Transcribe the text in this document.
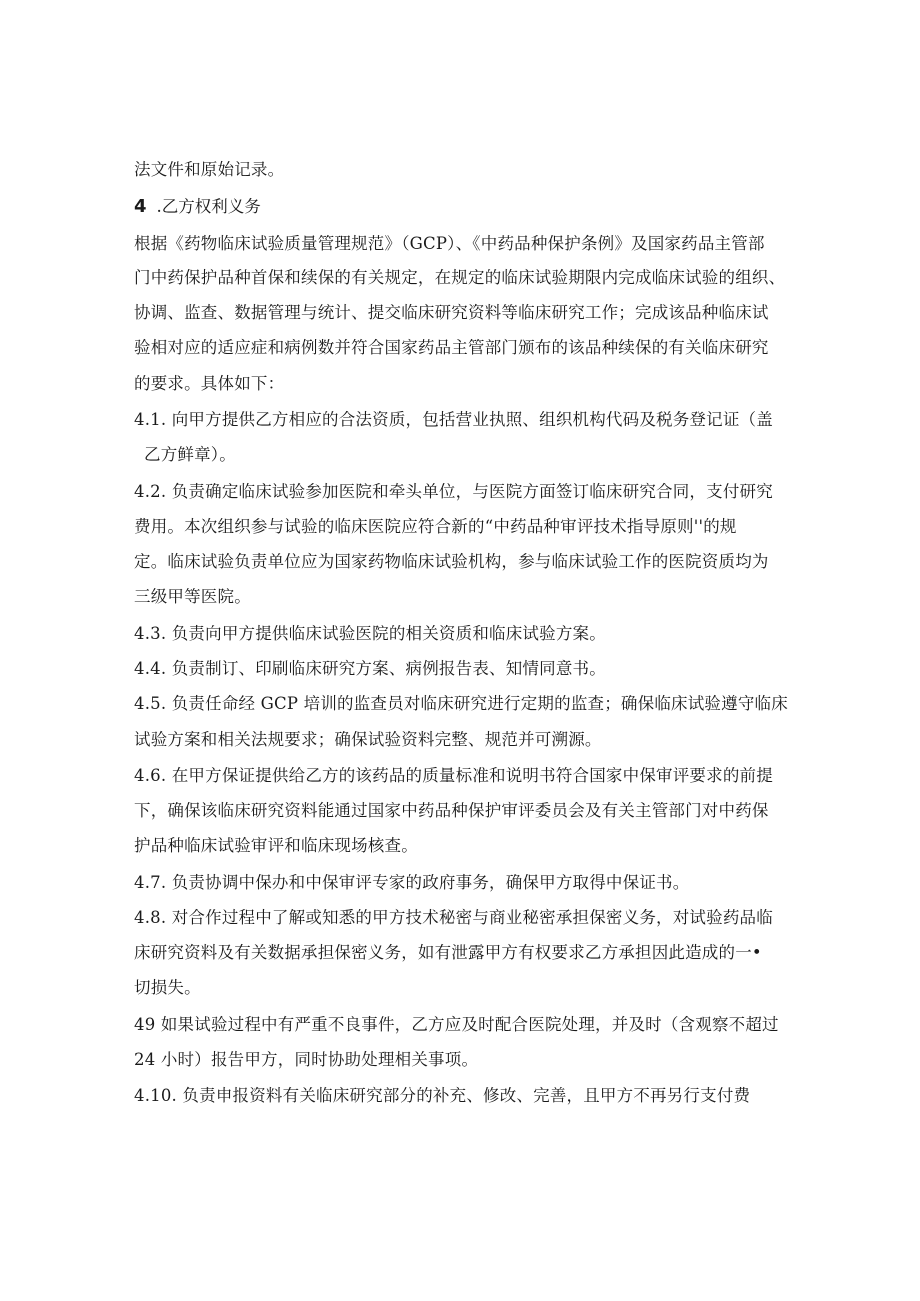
法文件和原始记录。
4 .乙方权利义务
根据《药物临床试验质量管理规范》（GCP）、《中药品种保护条例》及国家药品主管部
门中药保护品种首保和续保的有关规定，在规定的临床试验期限内完成临床试验的组织、
协调、监查、数据管理与统计、提交临床研究资料等临床研究工作；完成该品种临床试
验相对应的适应症和病例数并符合国家药品主管部门颁布的该品种续保的有关临床研究
的要求。具体如下：
4.1. 向甲方提供乙方相应的合法资质，包括营业执照、组织机构代码及税务登记证（盖
乙方鲜章）。
4.2. 负责确定临床试验参加医院和牵头单位，与医院方面签订临床研究合同，支付研究
费用。本次组织参与试验的临床医院应符合新的“中药品种审评技术指导原则''的规
定。临床试验负责单位应为国家药物临床试验机构，参与临床试验工作的医院资质均为
三级甲等医院。
4.3. 负责向甲方提供临床试验医院的相关资质和临床试验方案。
4.4. 负责制订、印刷临床研究方案、病例报告表、知情同意书。
4.5. 负责任命经 GCP 培训的监查员对临床研究进行定期的监查；确保临床试验遵守临床
试验方案和相关法规要求；确保试验资料完整、规范并可溯源。
4.6. 在甲方保证提供给乙方的该药品的质量标准和说明书符合国家中保审评要求的前提
下，确保该临床研究资料能通过国家中药品种保护审评委员会及有关主管部门对中药保
护品种临床试验审评和临床现场核查。
4.7. 负责协调中保办和中保审评专家的政府事务，确保甲方取得中保证书。
4.8. 对合作过程中了解或知悉的甲方技术秘密与商业秘密承担保密义务，对试验药品临
床研究资料及有关数据承担保密义务，如有泄露甲方有权要求乙方承担因此造成的一•
切损失。
49 如果试验过程中有严重不良事件，乙方应及时配合医院处理，并及时（含观察不超过
24 小时）报告甲方，同时协助处理相关事项。
4.10. 负责申报资料有关临床研究部分的补充、修改、完善，且甲方不再另行支付费
